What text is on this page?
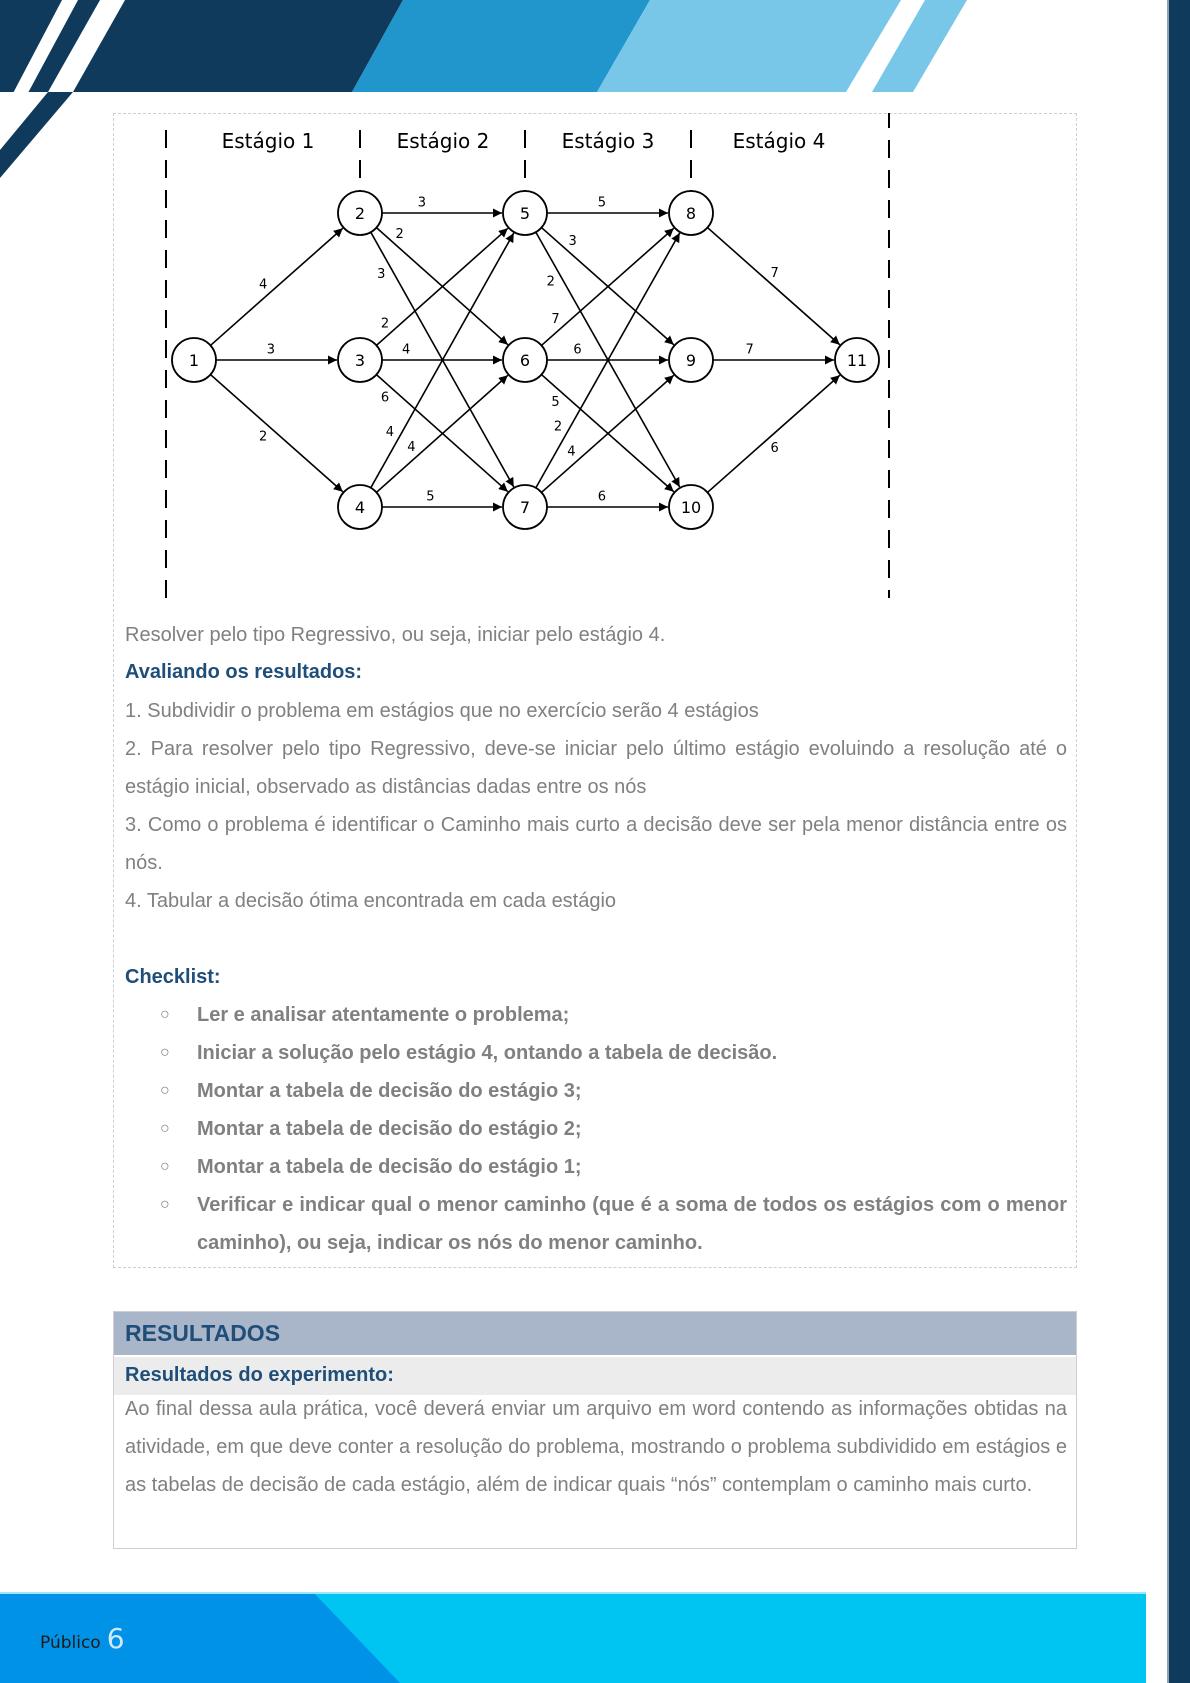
Estágio 1	Estágio 2	Estágio 3	Estágio 4
4
3
2
3
2
3
2
4
6
4
4
5
5
3
2
7
6
5
2
4
6
7
7
6
1
2
3
4
5
6
7
8
9
10
11
Resolver pelo tipo Regressivo, ou seja, iniciar pelo estágio 4.
Avaliando os resultados:
1. Subdividir o problema em estágios que no exercício serão 4 estágios
2. Para resolver pelo tipo Regressivo, deve-se iniciar pelo último estágio evoluindo a resolução até o estágio inicial, observado as distâncias dadas entre os nós
3. Como o problema é identificar o Caminho mais curto a decisão deve ser pela menor distância entre os nós.
4. Tabular a decisão ótima encontrada em cada estágio
Checklist:
○ Ler e analisar atentamente o problema;
○ Iniciar a solução pelo estágio 4, ontando a tabela de decisão.
○ Montar a tabela de decisão do estágio 3;
○ Montar a tabela de decisão do estágio 2;
○ Montar a tabela de decisão do estágio 1;
○ Verificar e indicar qual o menor caminho (que é a soma de todos os estágios com o menor caminho), ou seja, indicar os nós do menor caminho.
RESULTADOS
Resultados do experimento:
Ao final dessa aula prática, você deverá enviar um arquivo em word contendo as informações obtidas na atividade, em que deve conter a resolução do problema, mostrando o problema subdividido em estágios e as tabelas de decisão de cada estágio, além de indicar quais “nós” contemplam o caminho mais curto.
Público 6
